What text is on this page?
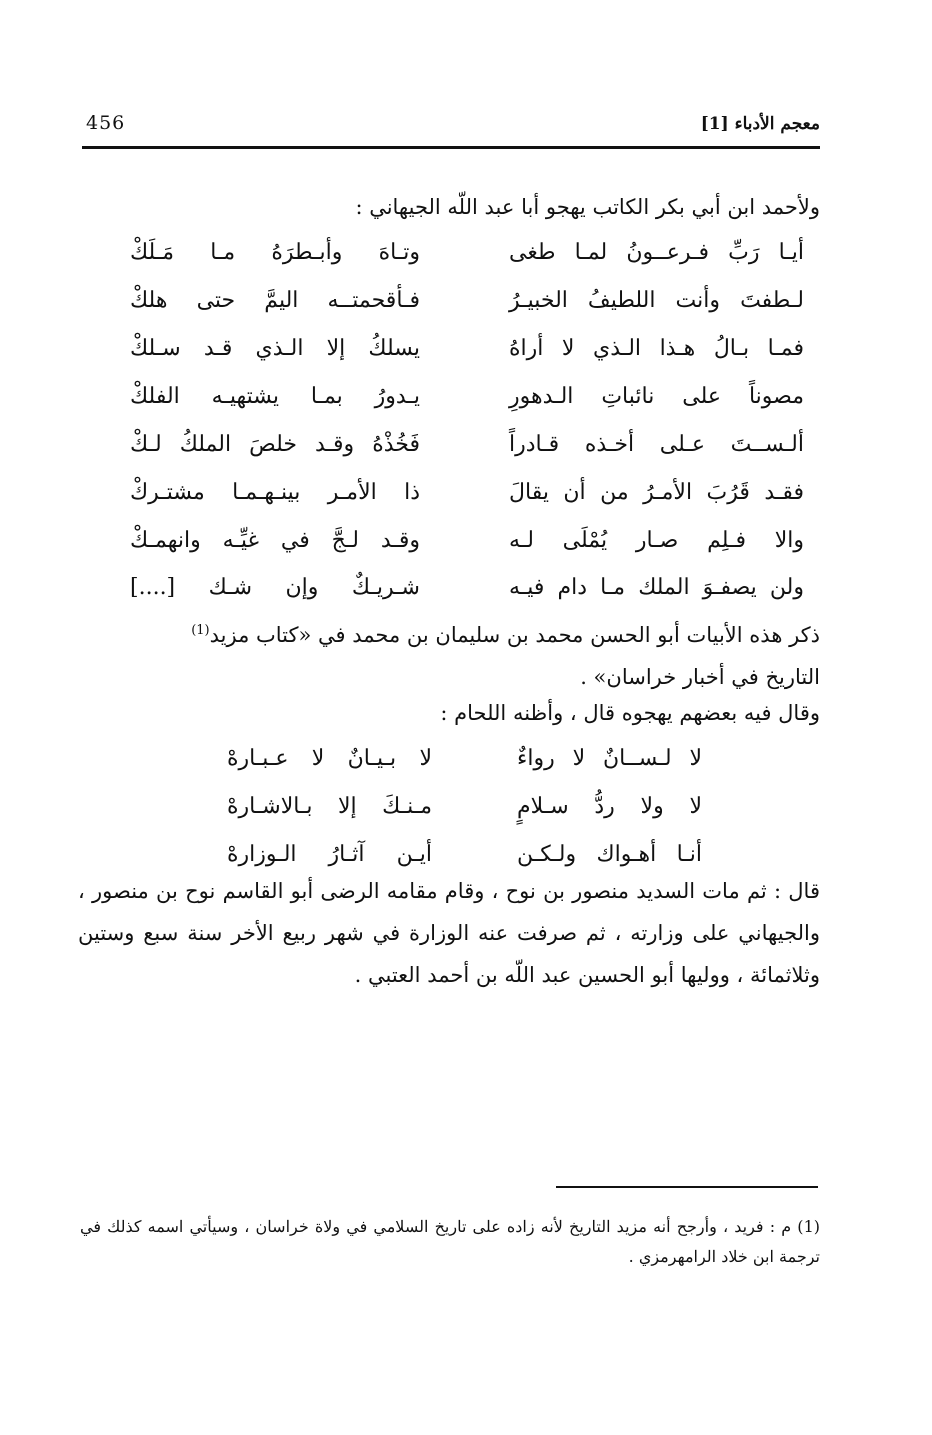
456	معجم الأدباء [1]
ولأحمد ابن أبي بكر الكاتب يهجو أبا عبد اللّه الجيهاني :
أيـا رَبِّ فـرعــونُ لمـا طغى
وتـاهَ وأبـطرَهُ مـا مَـلَكْ
لـطفتَ وأنت اللطيفُ الخبيـرُ
فـأقحمتــه اليمَّ حتى هلكْ
فمـا بـالُ هـذا الـذي لا أراهُ
يسلكُ إلا الـذي قـد سـلكْ
مصوناً على نائباتِ الـدهورِ
يـدورُ بمـا يشتهيـه الفلكْ
ألـســتَ عـلى أخـذه قـادراً
فَخُذْهُ وقـد خلصَ الملكُ لـكْ
فقـد قَرُبَ الأمـرُ من أن يقالَ
ذا الأمـر بينـهـمـا مشتـركْ
والا فـلِم صـار يُمْلَى لـه
وقـد لـجَّ في غيِّـه وانهمـكْ
ولن يصفـوَ الملك مـا دام فيـه
شـريـكٌ وإن شـك [....]
ذكر هذه الأبيات أبو الحسن محمد بن سليمان بن محمد في «كتاب مزيد$^{(1)}$
التاريخ في أخبار خراسان» .
وقال فيه بعضهم يهجوه قال ، وأظنه اللحام :
لا لـســانٌ لا رواءٌ
لا بـيـانٌ لا عـبـارهْ
لا ولا ردُّ سـلامٍ
مـنـكَ إلا بـالاشـارهْ
أنـا أهـواك ولـكـن
أيـن آثـارُ الـوزارهْ
قال : ثم مات السديد منصور بن نوح ، وقام مقامه الرضى أبو القاسم نوح بن منصور ، والجيهاني على وزارته ، ثم صرفت عنه الوزارة في شهر ربيع الأخر سنة سبع وستين وثلاثمائة ، ووليها أبو الحسين عبد اللّه بن أحمد العتبي .
(1) م : فريد ، وأرجح أنه مزيد التاريخ لأنه زاده على تاريخ السلامي في ولاة خراسان ، وسيأتي اسمه كذلك في ترجمة ابن خلاد الرامهرمزي .
